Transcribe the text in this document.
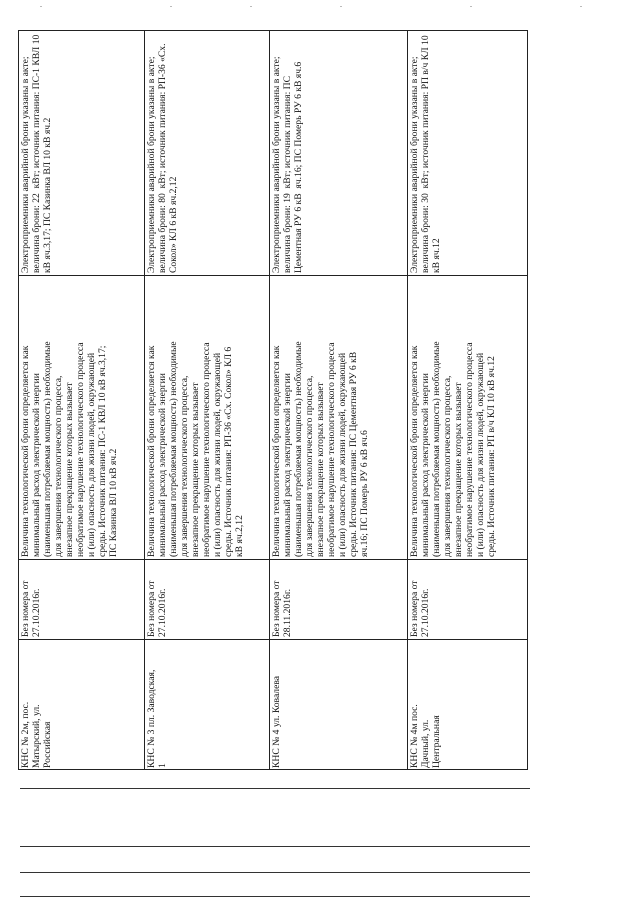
Электроприемники аварийной брони указаны в акте;
величина брони: 22  кВт; источник питания: ПС-1 КВЛ 10
кВ яч.3,17; ПС Казинка ВЛ 10 кВ яч.2
Величина технологической брони определяется как
минимальный расход электрической энергии
(наименьшая потребляемая мощность) необходимые
для завершения технологического процесса,
внезапное прекращение которых вызывает
необратимое нарушение технологического процесса
и (или) опасность для жизни людей, окружающей
среды. Источник питания: ПС-1 КВЛ 10 кВ яч.3,17;
ПС Казинка ВЛ 10 кВ яч.2
Без номера от
27.10.2016г.
КНС № 2м, пос.
Матырский, ул.
Российская
Электроприемники аварийной брони указаны в акте;
величина брони: 80  кВт; источник питания: РП-36 «Сх.
Сокол» КЛ 6 кВ яч.2,12
Величина технологической брони определяется как
минимальный расход электрической энергии
(наименьшая потребляемая мощность) необходимые
для завершения технологического процесса,
внезапное прекращение которых вызывает
необратимое нарушение технологического процесса
и (или) опасность для жизни людей, окружающей
среды. Источник питания: РП-36 «Сх. Сокол» КЛ 6
кВ яч.2,12
Без номера от
27.10.2016г.
КНС № 3 пл. Заводская,
1
Электроприемники аварийной брони указаны в акте;
величина брони: 19  кВт; источник питания: ПС
Цементная РУ 6 кВ  яч.16; ПС Померь РУ 6 кВ яч.6
Величина технологической брони определяется как
минимальный расход электрической энергии
(наименьшая потребляемая мощность) необходимые
для завершения технологического процесса,
внезапное прекращение которых вызывает
необратимое нарушение технологического процесса
и (или) опасность для жизни людей, окружающей
среды. Источник питания: ПС Цементная РУ 6 кВ
яч.16; ПС Померь РУ 6 кВ яч.6
Без номера от
28.11.2016г.
КНС № 4 ул. Ковалева
Электроприемники аварийной брони указаны в акте;
величина брони: 30  кВт; источник питания: РП в/ч КЛ 10
кВ яч.12
Величина технологической брони определяется как
минимальный расход электрической энергии
(наименьшая потребляемая мощность) необходимые
для завершения технологического процесса,
внезапное прекращение которых вызывает
необратимое нарушение технологического процесса
и (или) опасность для жизни людей, окружающей
среды. Источник питания: РП в/ч КЛ 10 кВ яч.12
Без номера от
27.10.2016г.
КНС № 4м пос.
Дачный, ул.
Центральная
